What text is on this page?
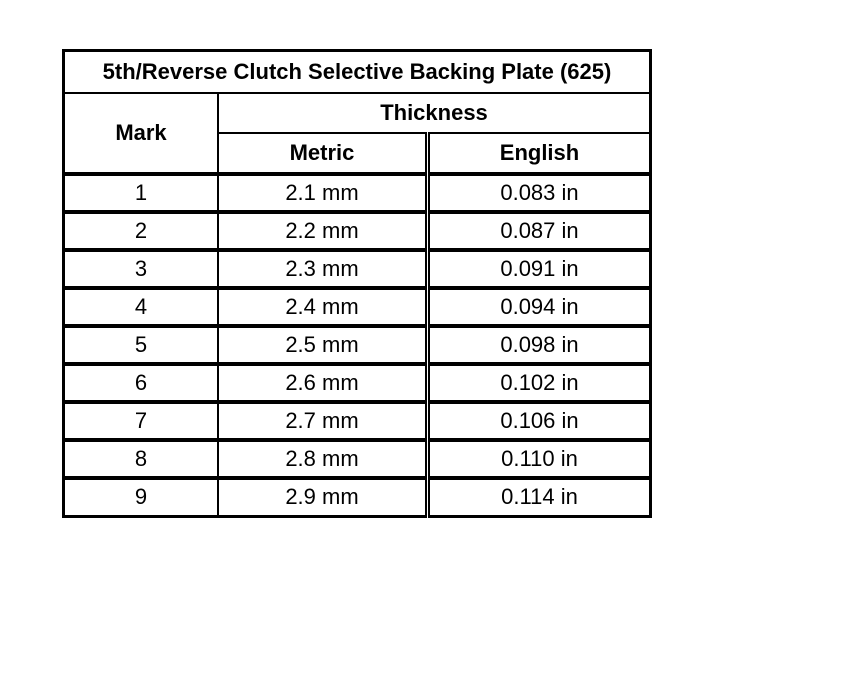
5th/Reverse Clutch Selective Backing Plate (625)		
Mark	Thickness	
	Metric	English
1	2.1 mm	0.083 in
2	2.2 mm	0.087 in
3	2.3 mm	0.091 in
4	2.4 mm	0.094 in
5	2.5 mm	0.098 in
6	2.6 mm	0.102 in
7	2.7 mm	0.106 in
8	2.8 mm	0.110 in
9	2.9 mm	0.114 in
